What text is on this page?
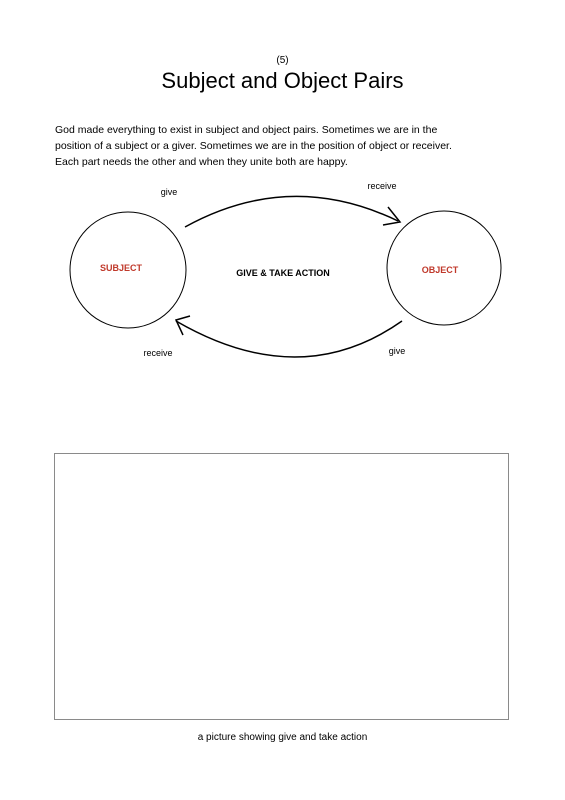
(5)
Subject and Object Pairs

God made everything to exist in subject and object pairs. Sometimes we are in the
position of a subject or a giver. Sometimes we are in the position of object or receiver.
Each part needs the other and when they unite both are happy.

SUBJECT	OBJECT
GIVE & TAKE ACTION
give
receive
receive	give
a picture showing give and take action
